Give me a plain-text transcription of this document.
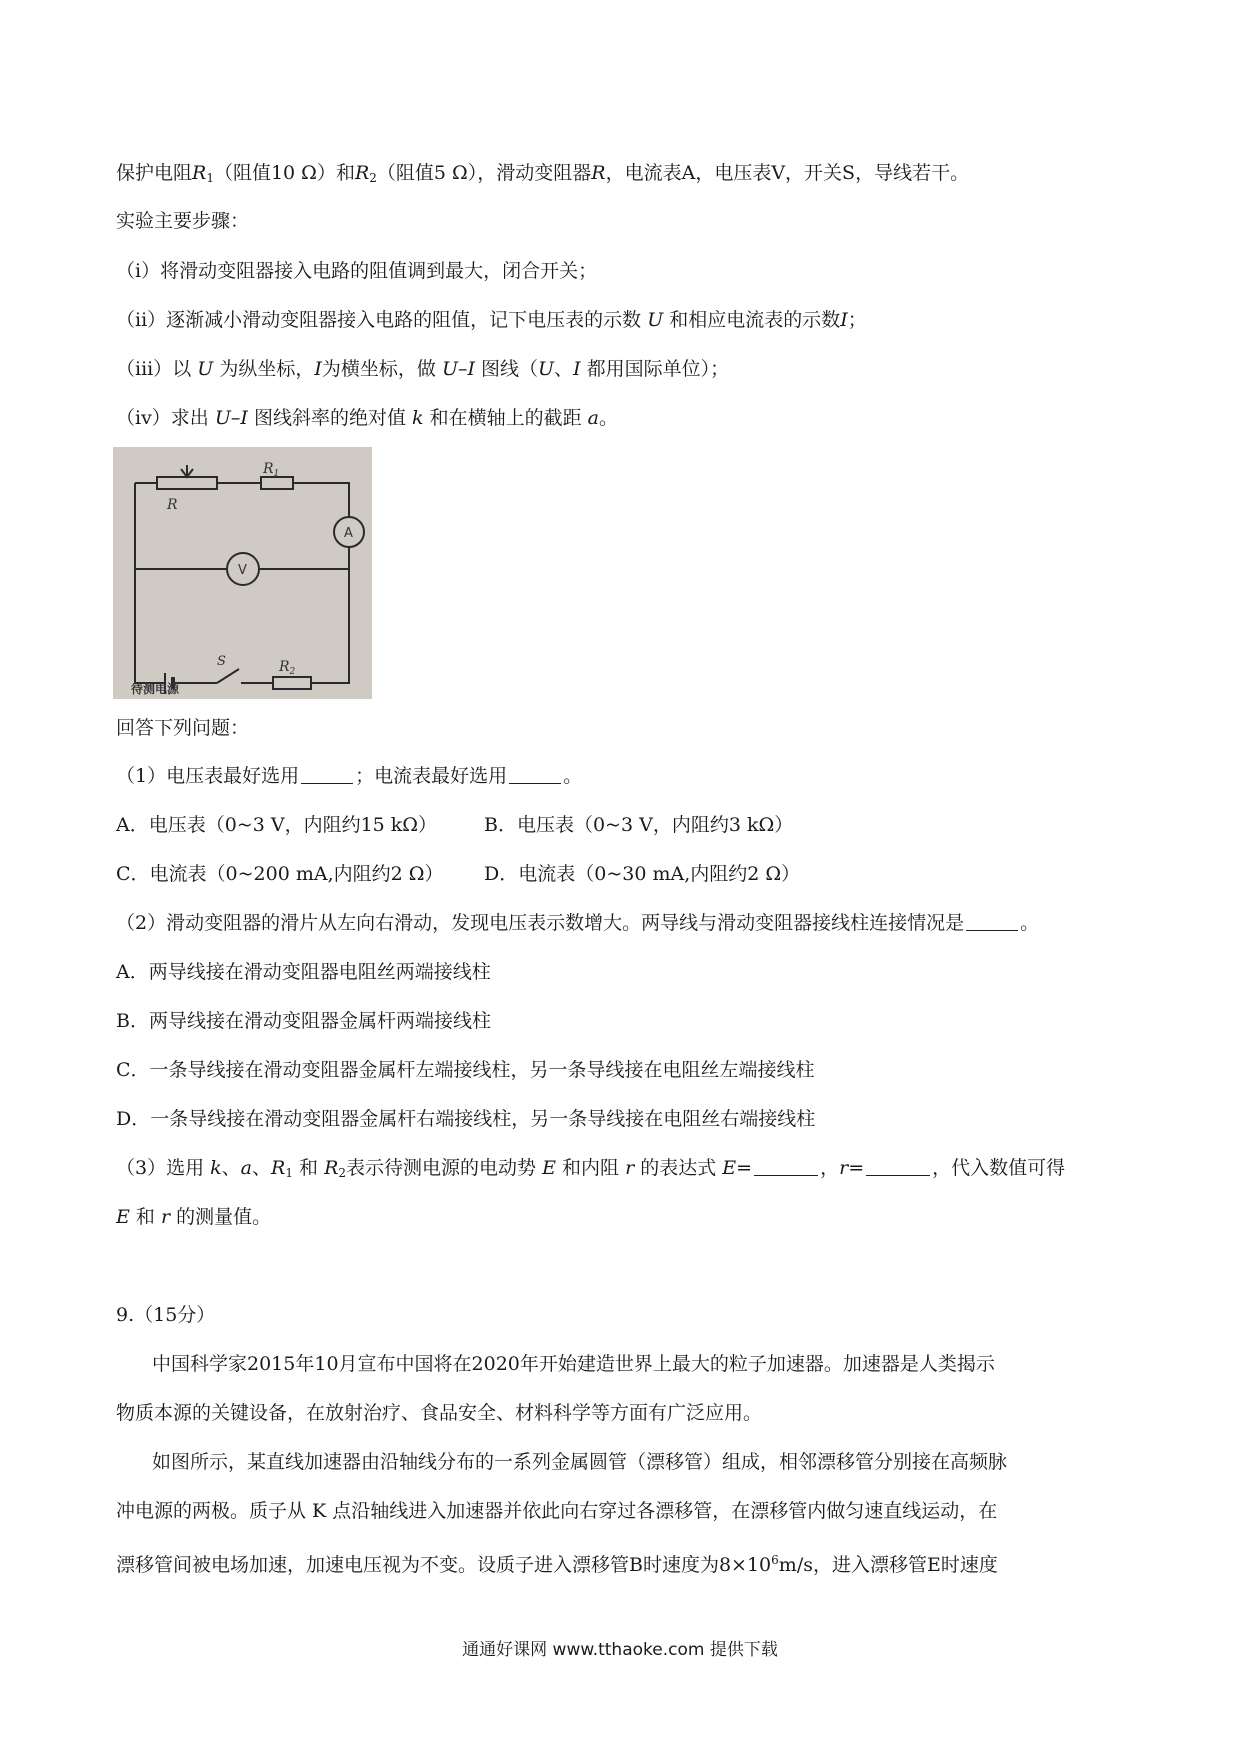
保护电阻$R_1$（阻值10 Ω）和$R_2$（阻值5 Ω），滑动变阻器R，电流表A，电压表V，开关S，导线若干。
实验主要步骤：
（i）将滑动变阻器接入电路的阻值调到最大，闭合开关；
（ii）逐渐减小滑动变阻器接入电路的阻值，记下电压表的示数 U 和相应电流表的示数I；
（iii）以 U 为纵坐标，I为横坐标，做 U–I 图线（U、I 都用国际单位）；
（iv）求出 U–I 图线斜率的绝对值 k 和在横轴上的截距 a。
$R_1$
R
A
V
S	$R_2$
待测电源
回答下列问题：
（1）电压表最好选用	；电流表最好选用	。
A．电压表（0~3 V，内阻约15 kΩ） B．电压表（0~3 V，内阻约3 kΩ）
C．电流表（0~200 mA,内阻约2 Ω） D．电流表（0~30 mA,内阻约2 Ω）
（2）滑动变阻器的滑片从左向右滑动，发现电压表示数增大。两导线与滑动变阻器接线柱连接情况是	。
A．两导线接在滑动变阻器电阻丝两端接线柱
B．两导线接在滑动变阻器金属杆两端接线柱
C．一条导线接在滑动变阻器金属杆左端接线柱，另一条导线接在电阻丝左端接线柱
D．一条导线接在滑动变阻器金属杆右端接线柱，另一条导线接在电阻丝右端接线柱
（3）选用 k、a、$R_1$ 和 $R_2$表示待测电源的电动势 E 和内阻 r 的表达式 E=	，r=	，代入数值可得
E 和 r 的测量值。
9.（15分）
中国科学家2015年10月宣布中国将在2020年开始建造世界上最大的粒子加速器。加速器是人类揭示
物质本源的关键设备，在放射治疗、食品安全、材料科学等方面有广泛应用。
如图所示，某直线加速器由沿轴线分布的一系列金属圆管（漂移管）组成，相邻漂移管分别接在高频脉
冲电源的两极。质子从 K 点沿轴线进入加速器并依此向右穿过各漂移管，在漂移管内做匀速直线运动，在
漂移管间被电场加速，加速电压视为不变。设质子进入漂移管B时速度为$8\times 10^6m/s$，进入漂移管E时速度
通通好课网 www.tthaoke.com 提供下载
